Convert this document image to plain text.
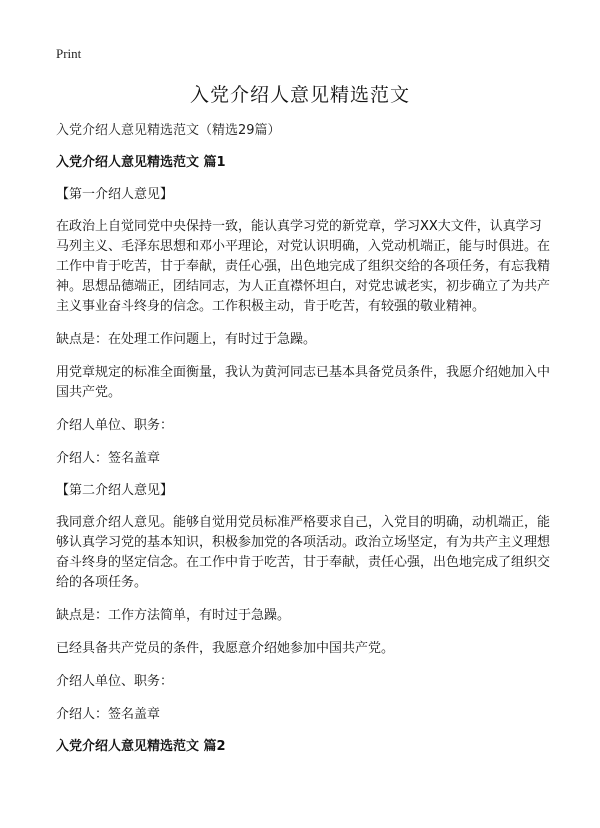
Print
入党介绍人意见精选范文

入党介绍人意见精选范文（精选29篇）

入党介绍人意见精选范文 篇1

【第一介绍人意见】

在政治上自觉同党中央保持一致，能认真学习党的新党章，学习XX大文件，认真学习马列主义、毛泽东思想和邓小平理论，对党认识明确，入党动机端正，能与时俱进。在工作中肯于吃苦，甘于奉献，责任心强，出色地完成了组织交给的各项任务，有忘我精神。思想品德端正，团结同志，为人正直襟怀坦白，对党忠诚老实，初步确立了为共产主义事业奋斗终身的信念。工作积极主动，肯于吃苦，有较强的敬业精神。

缺点是：在处理工作问题上，有时过于急躁。

用党章规定的标准全面衡量，我认为黄河同志已基本具备党员条件，我愿介绍她加入中国共产党。

介绍人单位、职务：

介绍人：签名盖章

【第二介绍人意见】

我同意介绍人意见。能够自觉用党员标准严格要求自己，入党目的明确，动机端正，能够认真学习党的基本知识，积极参加党的各项活动。政治立场坚定，有为共产主义理想奋斗终身的坚定信念。在工作中肯于吃苦，甘于奉献，责任心强，出色地完成了组织交给的各项任务。

缺点是：工作方法简单，有时过于急躁。

已经具备共产党员的条件，我愿意介绍她参加中国共产党。

介绍人单位、职务：

介绍人：签名盖章

入党介绍人意见精选范文 篇2
